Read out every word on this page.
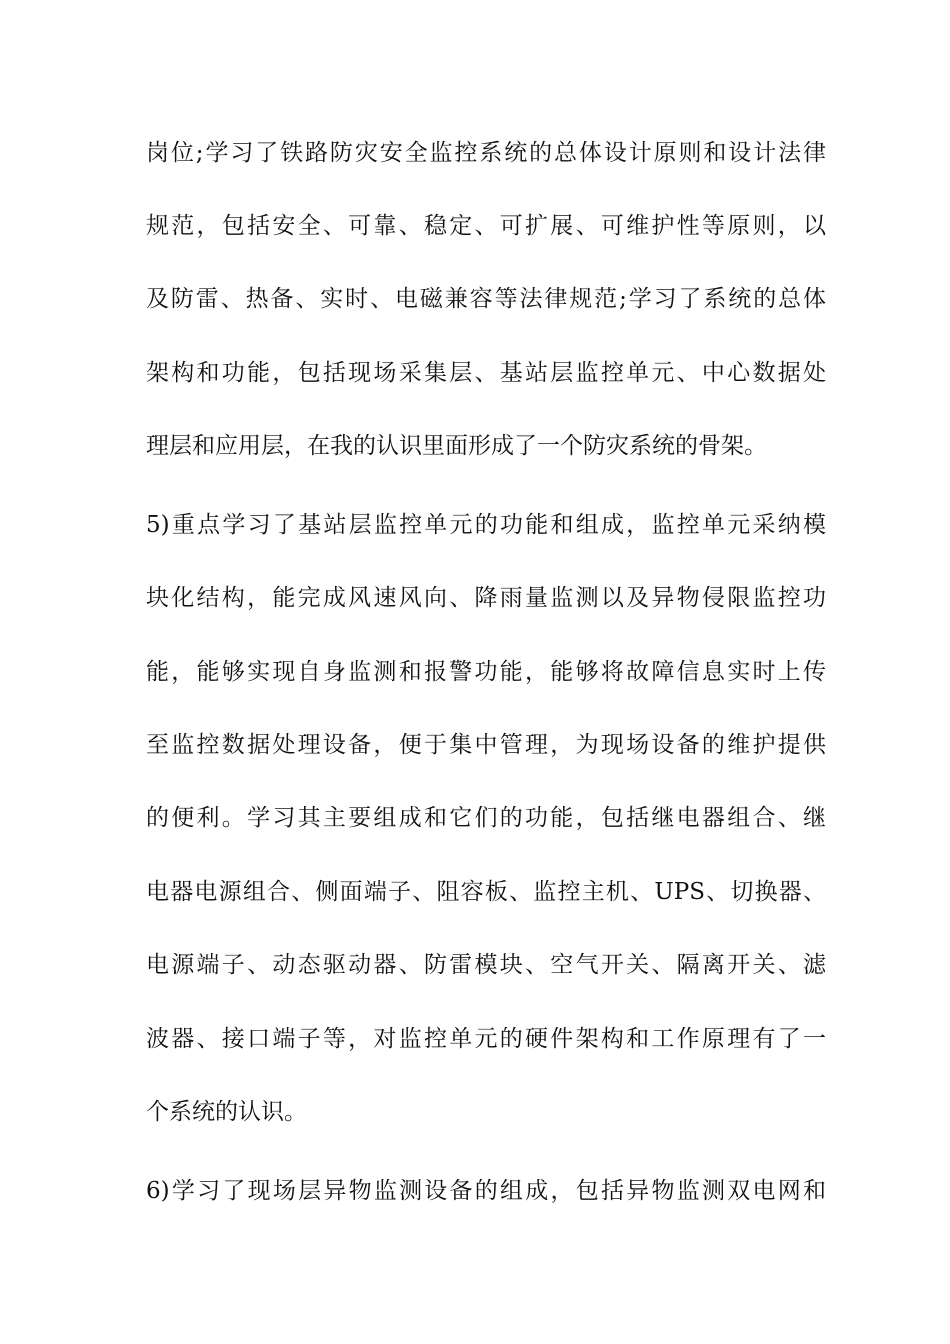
岗位;学习了铁路防灾安全监控系统的总体设计原则和设计法律
规范，包括安全、可靠、稳定、可扩展、可维护性等原则，以
及防雷、热备、实时、电磁兼容等法律规范;学习了系统的总体
架构和功能，包括现场采集层、基站层监控单元、中心数据处
理层和应用层，在我的认识里面形成了一个防灾系统的骨架。
5)重点学习了基站层监控单元的功能和组成，监控单元采纳模
块化结构，能完成风速风向、降雨量监测以及异物侵限监控功
能，能够实现自身监测和报警功能，能够将故障信息实时上传
至监控数据处理设备，便于集中管理，为现场设备的维护提供
的便利。学习其主要组成和它们的功能，包括继电器组合、继
电器电源组合、侧面端子、阻容板、监控主机、UPS、切换器、
电源端子、动态驱动器、防雷模块、空气开关、隔离开关、滤
波器、接口端子等，对监控单元的硬件架构和工作原理有了一
个系统的认识。
6)学习了现场层异物监测设备的组成，包括异物监测双电网和
